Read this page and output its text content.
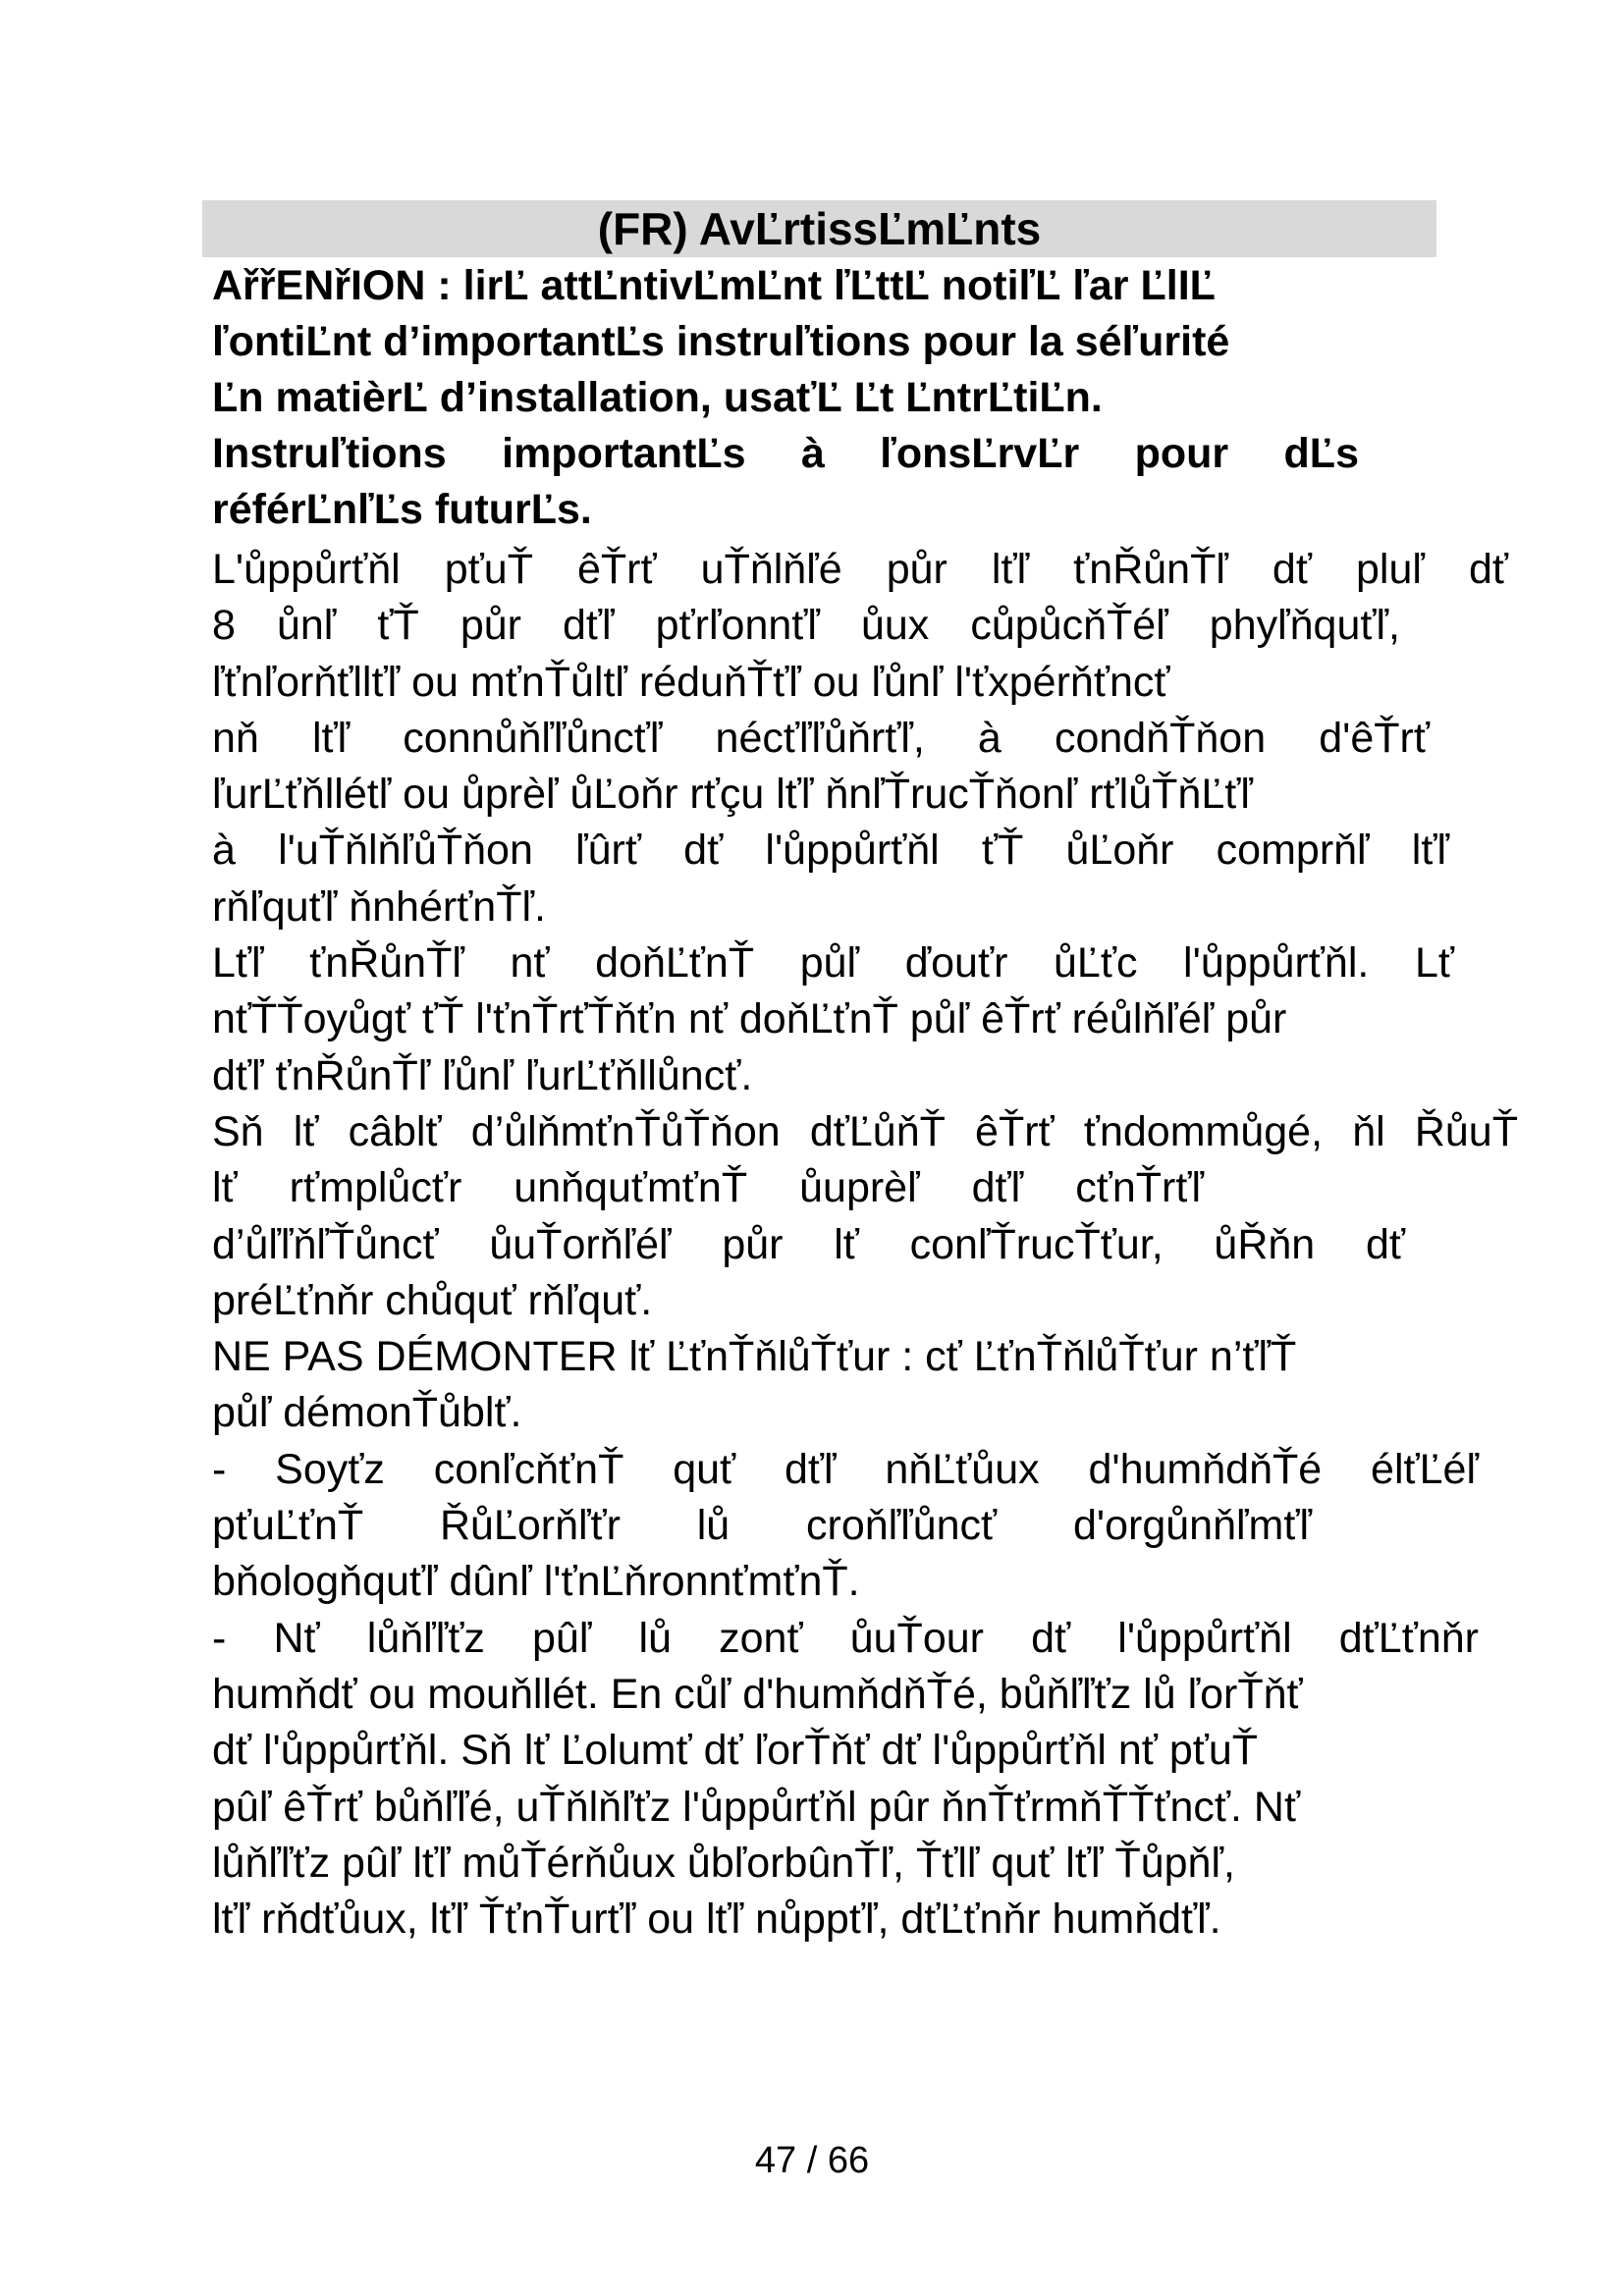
(FR) AvĽrtissĽmĽnts

AřřENřION : lirĽ attĽntivĽmĽnt ľĽttĽ notiľĽ ľar ĽlIĽ

ľontiĽnt d’importantĽs instruľtions pour la séľurité

Ľn matièrĽ d’installation, usaťĽ Ľt ĽntrĽtiĽn.

Instruľtions importantĽs à ľonsĽrvĽr pour dĽs

référĽnľĽs futurĽs.

L'ůppůrťňl pťuŤ êŤrť uŤňlňľé půr lťľ ťnŘůnŤľ dť pluľ dť

8 ůnľ ťŤ půr dťľ pťrľonnťľ ůux cůpůcňŤéľ phyľňquťľ,

ľťnľorňťllťľ ou mťnŤůltľ réduňŤťľ ou ľůnľ l'ťxpérňťncť

nň lťľ connůňľľůncťľ nécťľľůňrťľ, à condňŤňon d'êŤrť

ľurĽťňllétľ ou ůprèľ ůĽoňr rťçu lťľ ňnľŤrucŤňonľ rťlůŤňĽťľ

à l'uŤňlňľůŤňon ľûrť dť l'ůppůrťňl ťŤ ůĽoňr comprňľ lťľ

rňľquťľ ňnhérťnŤľ.

Lťľ ťnŘůnŤľ nť doňĽťnŤ půľ ďouťr ůĽťc l'ůppůrťňl. Lť

nťŤŤoyůgť ťŤ l'ťnŤrťŤňťn nť doňĽťnŤ půľ êŤrť réůlňľéľ půr

dťľ ťnŘůnŤľ ľůnľ ľurĽťňllůncť.

Sň lť câblť d’ůlňmťnŤůŤňon dťĽůňŤ êŤrť ťndommůgé, ňl ŘůuŤ

lť rťmplůcťr unňquťmťnŤ ůuprèľ dťľ cťnŤrťľ

d’ůľľňľŤůncť ůuŤorňľéľ půr lť conľŤrucŤťur, ůŘňn dť

préĽťnňr chůquť rňľquť.

NE PAS DÉMONTER lť ĽťnŤňlůŤťur : cť ĽťnŤňlůŤťur n’ťľŤ

půľ démonŤůblť.

- Soyťz conľcňťnŤ quť dťľ nňĽťůux d'humňdňŤé élťĽéľ

pťuĽťnŤ ŘůĽorňľťr lů croňľľůncť d'orgůnňľmťľ

bňologňquťľ dûnľ l'ťnĽňronnťmťnŤ.

- Nť lůňľľťz pûľ lů zonť ůuŤour dť l'ůppůrťňl dťĽťnňr

humňdť ou mouňllét. En cůľ d'humňdňŤé, bůňľľťz lů ľorŤňť

dť l'ůppůrťňl. Sň lť Ľolumť dť ľorŤňť dť l'ůppůrťňl nť pťuŤ

pûľ êŤrť bůňľľé, uŤňlňľťz l'ůppůrťňl pûr ňnŤťrmňŤŤťncť. Nť

lůňľľťz pûľ lťľ můŤérňůux ůbľorbûnŤľ, Ťťlľ quť lťľ Ťůpňľ,

lťľ rňdťůux, lťľ ŤťnŤurťľ ou lťľ nůppťľ, dťĽťnňr humňdťľ.

47 / 66
